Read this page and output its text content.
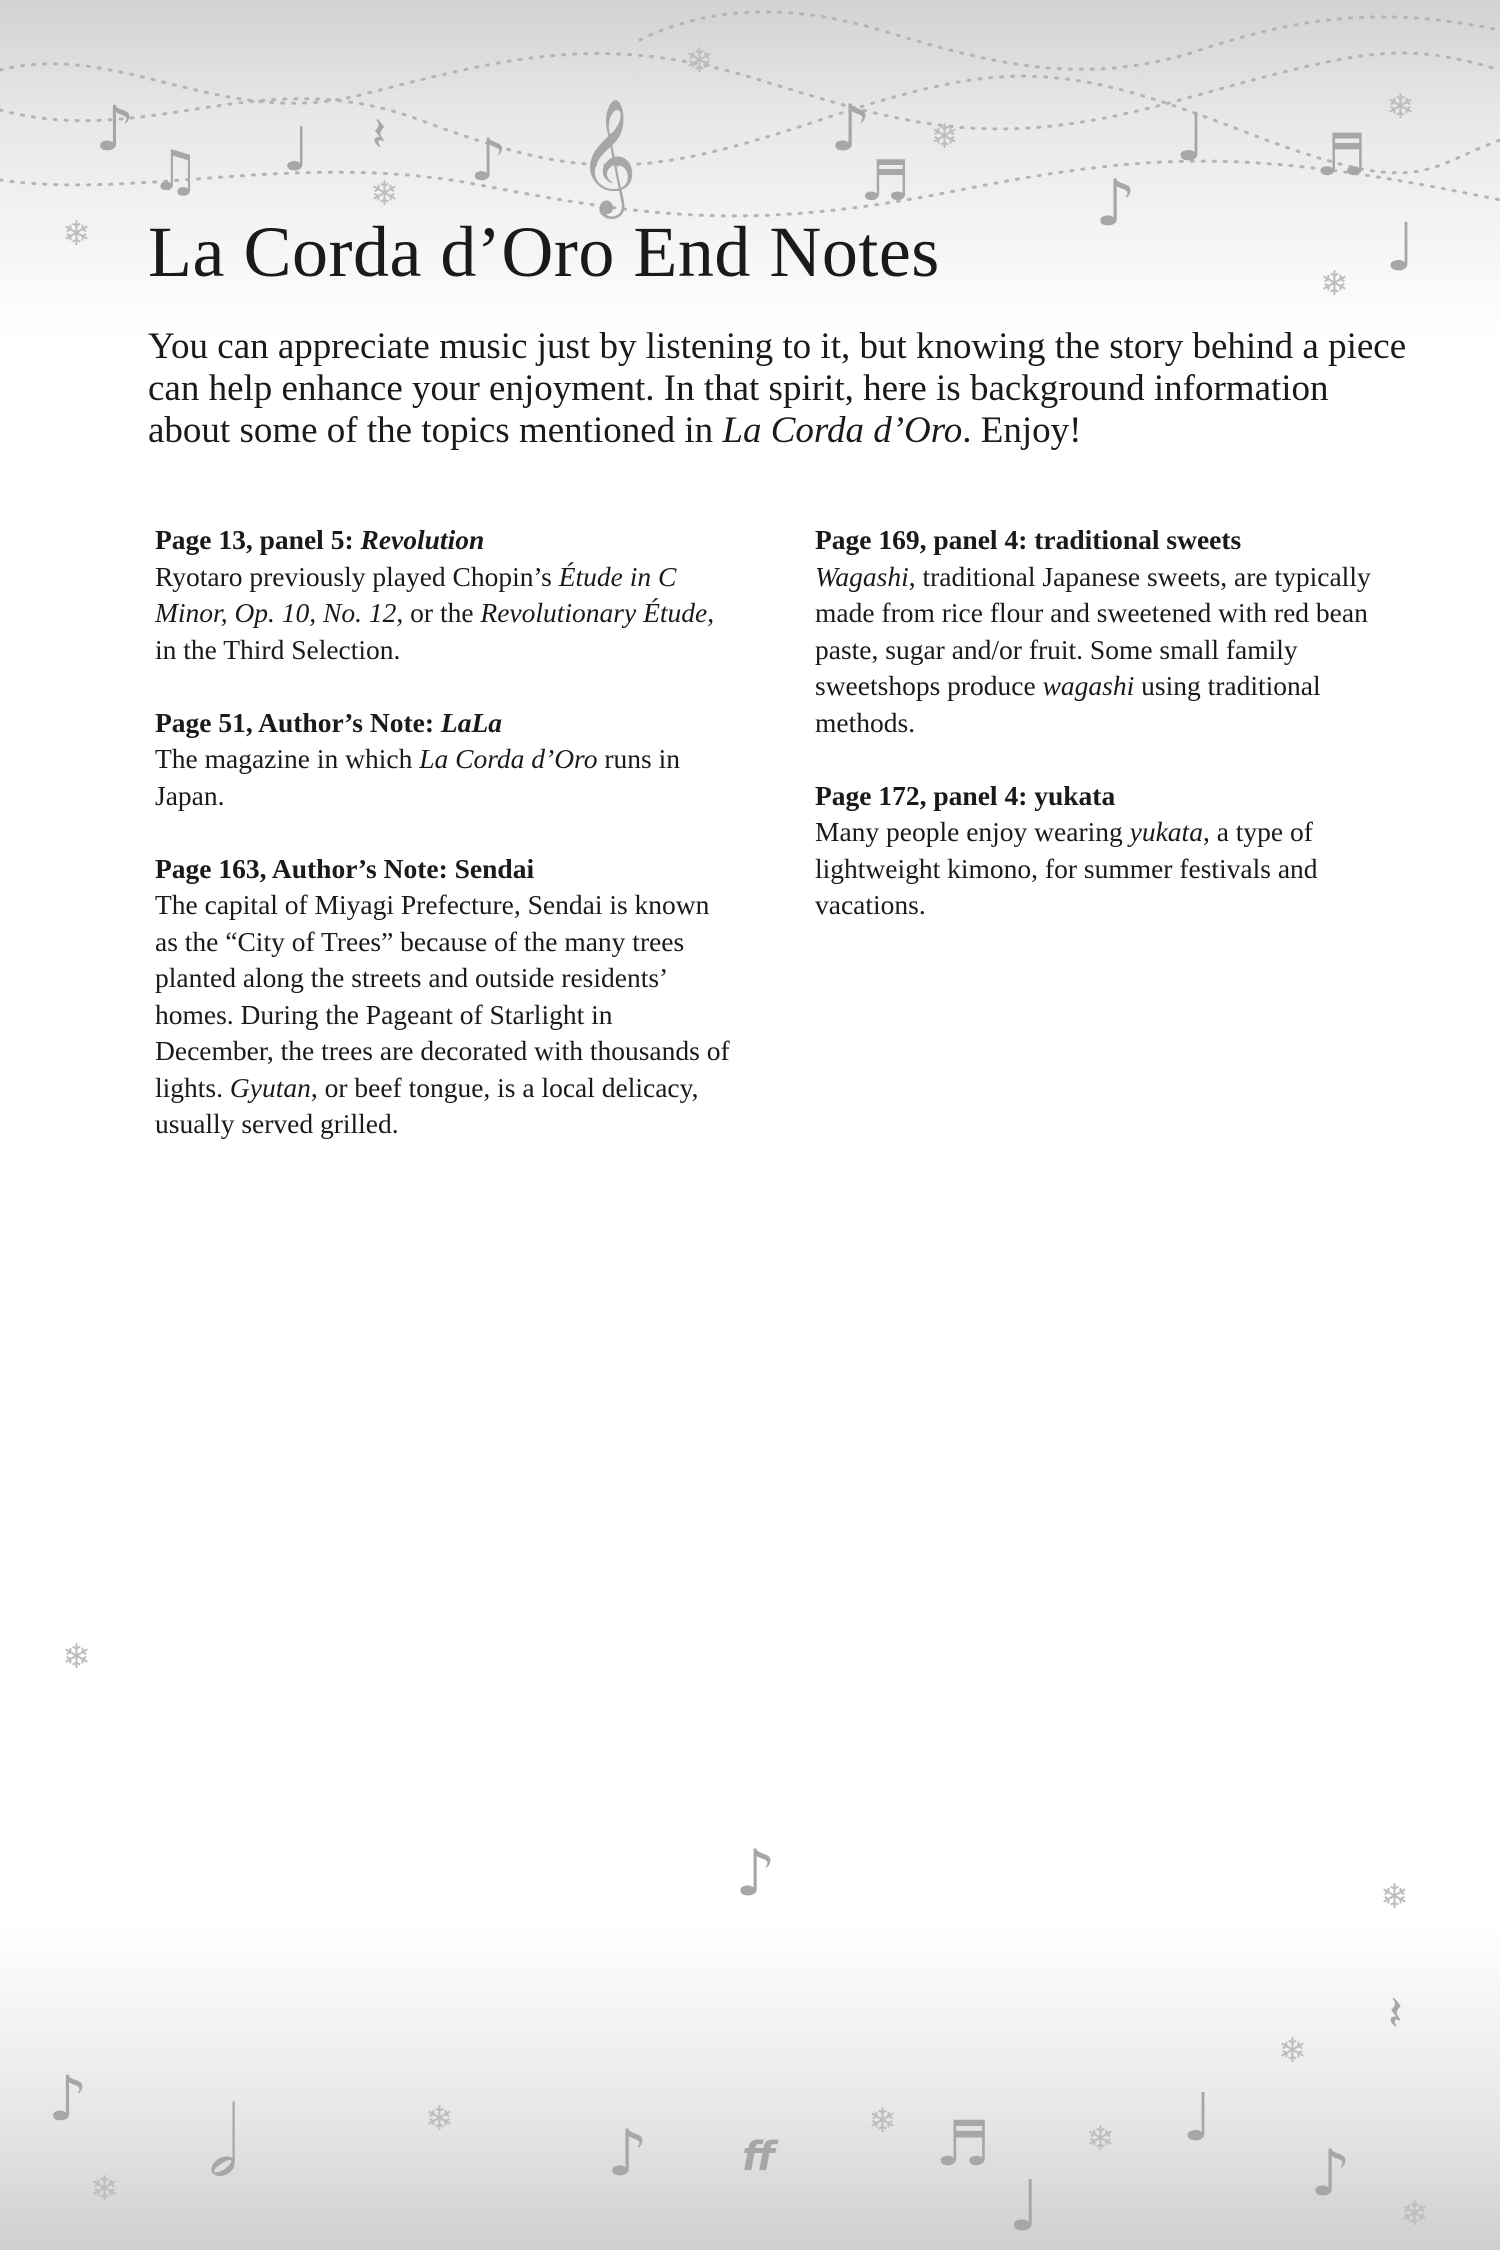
♪
♫ ♩ 𝄽 ♪ 𝄞	♪
♬	♪
♩ ♬
♩
❄
❄
❄
❄
❄
❄
❄
♪	❄
𝄽
❄
♪	❄
𝅗𝅥	♪ ff
❄ ♬
♩
❄ ♩
❄	♪
❄
La Corda d’Oro End Notes

You can appreciate music just by listening to it, but knowing the story behind a piece can help enhance your enjoyment. In that spirit, here is background information about some of the topics mentioned in La Corda d’Oro. Enjoy!

Page 13, panel 5: Revolution

Ryotaro previously played Chopin’s Étude in C Minor, Op. 10, No. 12, or the Revolutionary Étude, in the Third Selection.

Page 51, Author’s Note: LaLa

The magazine in which La Corda d’Oro runs in Japan.

Page 163, Author’s Note: Sendai

The capital of Miyagi Prefecture, Sendai is known as the “City of Trees” because of the many trees planted along the streets and outside residents’ homes. During the Pageant of Starlight in December, the trees are decorated with thousands of lights. Gyutan, or beef tongue, is a local delicacy, usually served grilled.

Page 169, panel 4: traditional sweets

Wagashi, traditional Japanese sweets, are typically made from rice flour and sweetened with red bean paste, sugar and/or fruit. Some small family sweetshops produce wagashi using traditional methods.

Page 172, panel 4: yukata

Many people enjoy wearing yukata, a type of lightweight kimono, for summer festivals and vacations.
